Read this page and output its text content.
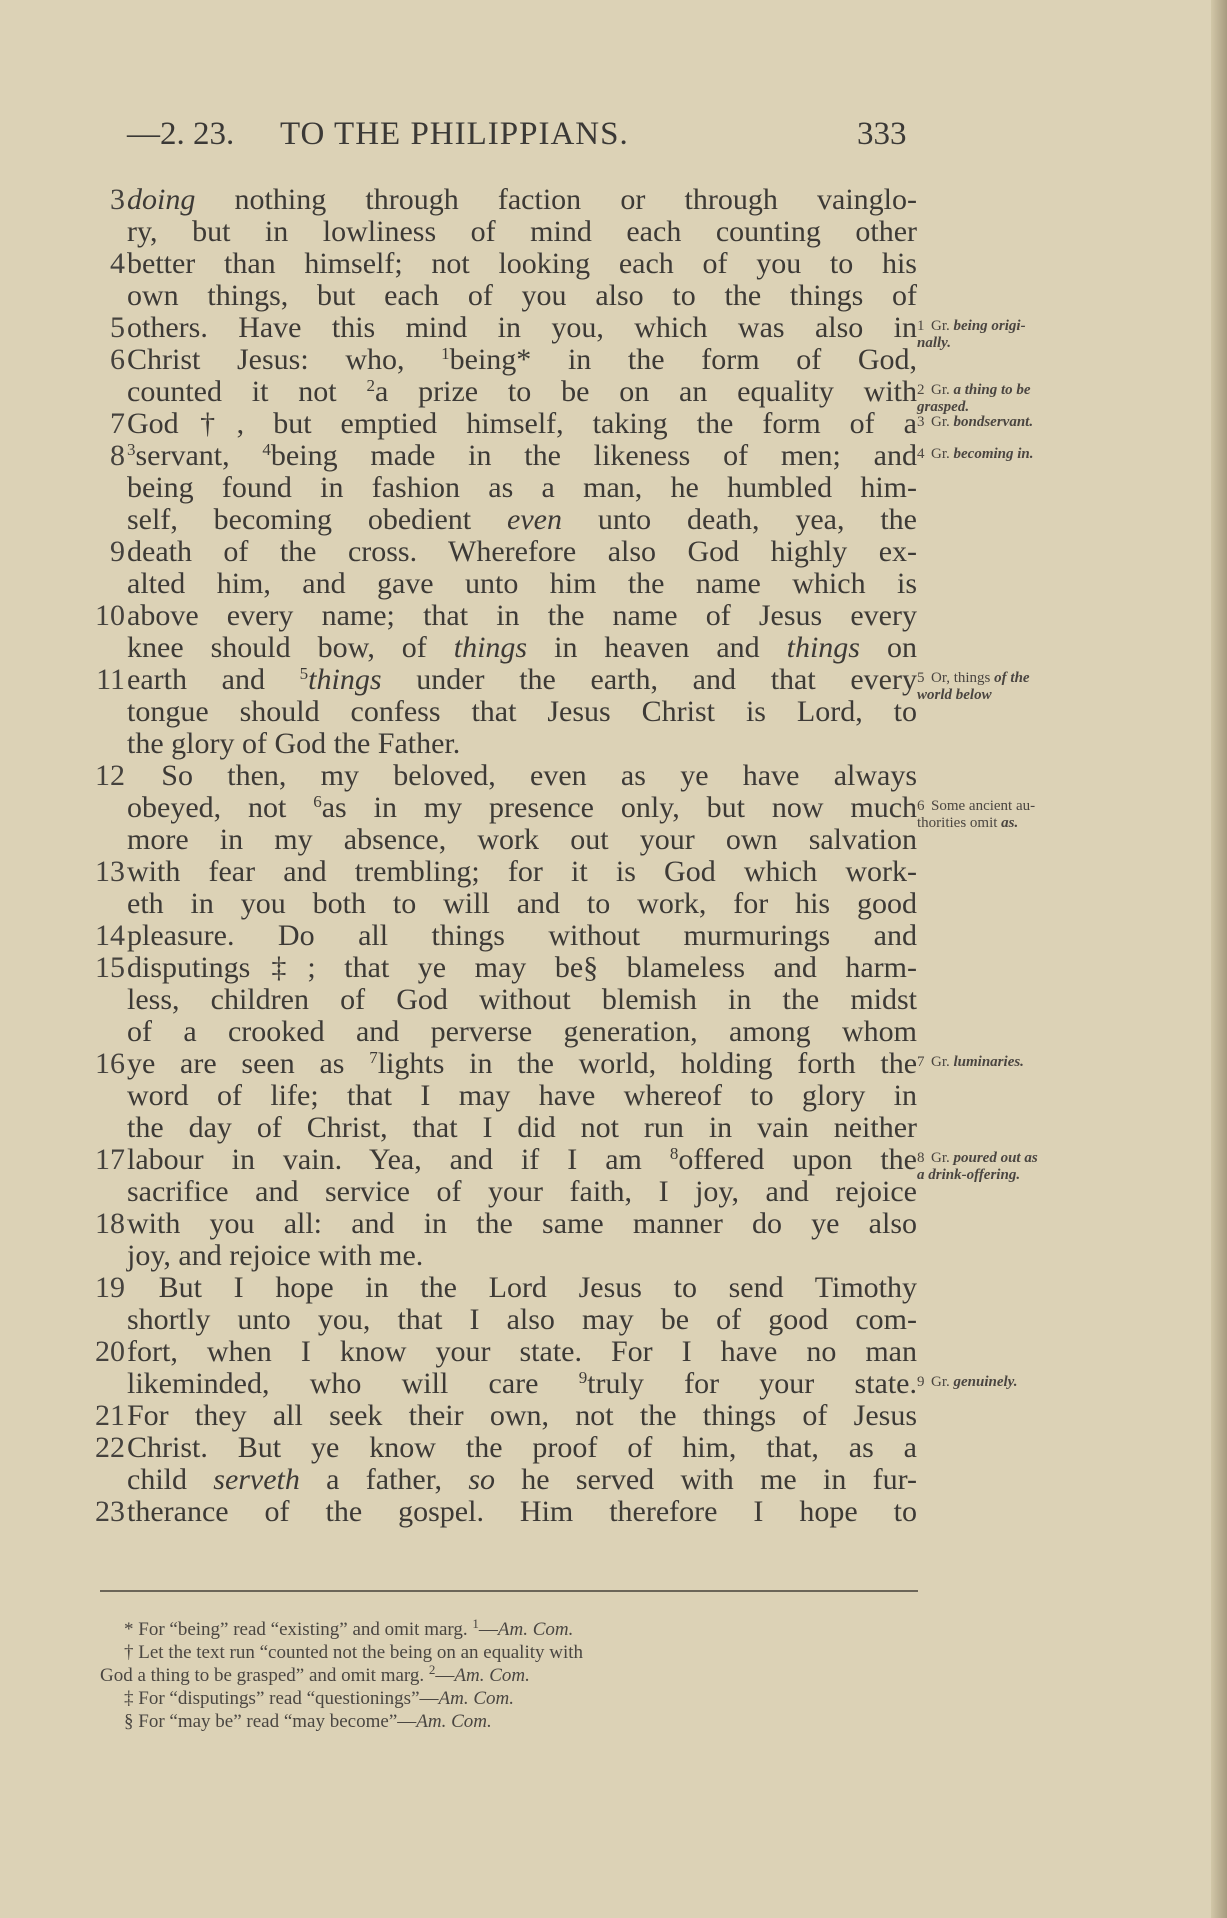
—2. 23. TO THE PHILIPPIANS.	333
3 doing nothing through faction or through vainglo-
ry, but in lowliness of mind each counting other
4 better than himself; not looking each of you to his
own things, but each of you also to the things of
5 others. Have this mind in you, which was also in
6 Christ Jesus: who, $^1$being* in the form of God,
counted it not $^2$a prize to be on an equality with
7 God†, but emptied himself, taking the form of a
8 $^3$servant, $^4$being made in the likeness of men; and
being found in fashion as a man, he humbled him-
self, becoming obedient even unto death, yea, the
9 death of the cross. Wherefore also God highly ex-
alted him, and gave unto him the name which is
10 above every name; that in the name of Jesus every
knee should bow, of things in heaven and things on
11 earth and $^5$things under the earth, and that every
tongue should confess that Jesus Christ is Lord, to
the glory of God the Father.
12 So then, my beloved, even as ye have always
obeyed, not $^6$as in my presence only, but now much
more in my absence, work out your own salvation
13 with fear and trembling; for it is God which work-
eth in you both to will and to work, for his good
14 pleasure. Do all things without murmurings and
15 disputings‡; that ye may be§ blameless and harm-
less, children of God without blemish in the midst
of a crooked and perverse generation, among whom
16 ye are seen as $^7$lights in the world, holding forth the
word of life; that I may have whereof to glory in
the day of Christ, that I did not run in vain neither
17 labour in vain. Yea, and if I am $^8$offered upon the
sacrifice and service of your faith, I joy, and rejoice
18 with you all: and in the same manner do ye also
joy, and rejoice with me.
19 But I hope in the Lord Jesus to send Timothy
shortly unto you, that I also may be of good com-
20 fort, when I know your state. For I have no man
likeminded, who will care $^9$truly for your state.
21 For they all seek their own, not the things of Jesus
22 Christ. But ye know the proof of him, that, as a
child serveth a father, so he served with me in fur-
23 therance of the gospel. Him therefore I hope to
1 Gr. being origi-
nally.
2 Gr. a thing to be
grasped.
3 Gr. bondservant.
4 Gr. becoming in.
5 Or, things of the
world below
6 Some ancient au-
thorities omit as.
7 Gr. luminaries.
8 Gr. poured out as
a drink-offering.
9 Gr. genuinely.
* For “being” read “existing” and omit marg. $^1$—Am. Com.
† Let the text run “counted not the being on an equality with
God a thing to be grasped” and omit marg. $^2$—Am. Com.
‡ For “disputings” read “questionings”—Am. Com.
§ For “may be” read “may become”—Am. Com.
